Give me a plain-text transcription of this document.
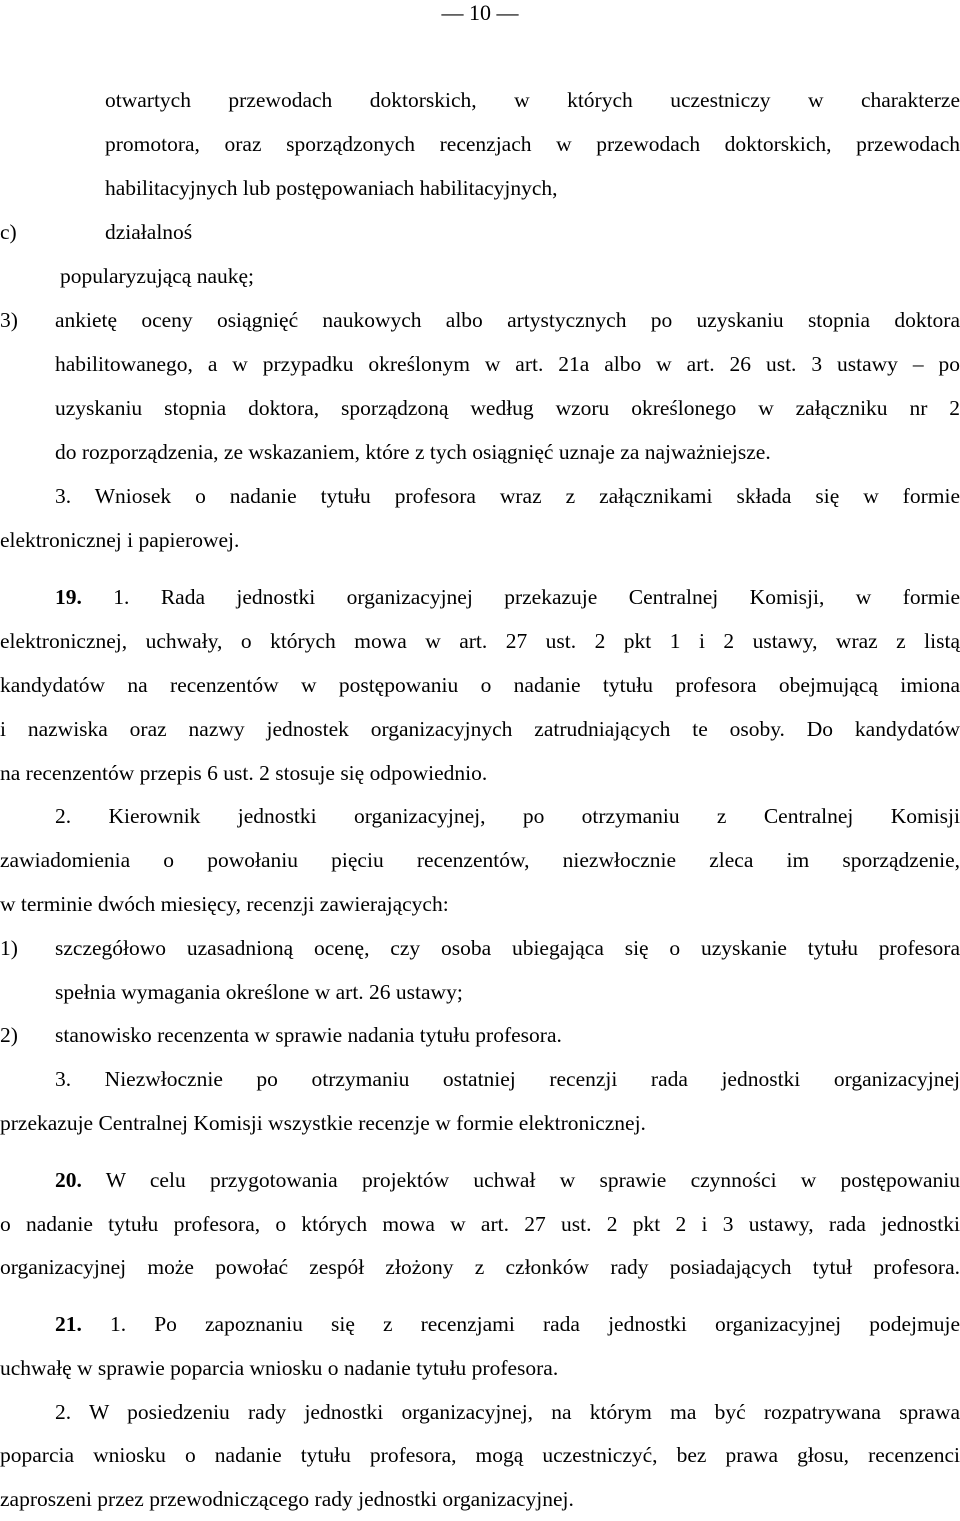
— 10 —
otwartych przewodach doktorskich, w których uczestniczy w charakterze
promotora, oraz sporządzonych recenzjach w przewodach doktorskich, przewodach
habilitacyjnych lub postępowaniach habilitacyjnych,
c)	działalnoś
popularyzującą naukę;
3) ankietę oceny osiągnięć naukowych albo artystycznych po uzyskaniu stopnia doktora
habilitowanego, a w przypadku określonym w art. 21a albo w art. 26 ust. 3 ustawy – po
uzyskaniu stopnia doktora, sporządzoną według wzoru określonego w załączniku nr 2
do rozporządzenia, ze wskazaniem, które z tych osiągnięć uznaje za najważniejsze.
3. Wniosek o nadanie tytułu profesora wraz z załącznikami składa się w formie
elektronicznej i papierowej.
19. 1. Rada jednostki organizacyjnej przekazuje Centralnej Komisji, w formie
elektronicznej, uchwały, o których mowa w art. 27 ust. 2 pkt 1 i 2 ustawy, wraz z listą
kandydatów na recenzentów w postępowaniu o nadanie tytułu profesora obejmującą imiona
i nazwiska oraz nazwy jednostek organizacyjnych zatrudniających te osoby. Do kandydatów
na recenzentów przepis 6 ust. 2 stosuje się odpowiednio.
2. Kierownik jednostki organizacyjnej, po otrzymaniu z Centralnej Komisji
zawiadomienia o powołaniu pięciu recenzentów, niezwłocznie zleca im sporządzenie,
w terminie dwóch miesięcy, recenzji zawierających:
1) szczegółowo uzasadnioną ocenę, czy osoba ubiegająca się o uzyskanie tytułu profesora
spełnia wymagania określone w art. 26 ustawy;
2) stanowisko recenzenta w sprawie nadania tytułu profesora.
3. Niezwłocznie po otrzymaniu ostatniej recenzji rada jednostki organizacyjnej
przekazuje Centralnej Komisji wszystkie recenzje w formie elektronicznej.
20. W celu przygotowania projektów uchwał w sprawie czynności w postępowaniu
o nadanie tytułu profesora, o których mowa w art. 27 ust. 2 pkt 2 i 3 ustawy, rada jednostki
organizacyjnej może powołać zespół złożony z członków rady posiadających tytuł profesora.
21. 1. Po zapoznaniu się z recenzjami rada jednostki organizacyjnej podejmuje
uchwałę w sprawie poparcia wniosku o nadanie tytułu profesora.
2. W posiedzeniu rady jednostki organizacyjnej, na którym ma być rozpatrywana sprawa
poparcia wniosku o nadanie tytułu profesora, mogą uczestniczyć, bez prawa głosu, recenzenci
zaproszeni przez przewodniczącego rady jednostki organizacyjnej.
